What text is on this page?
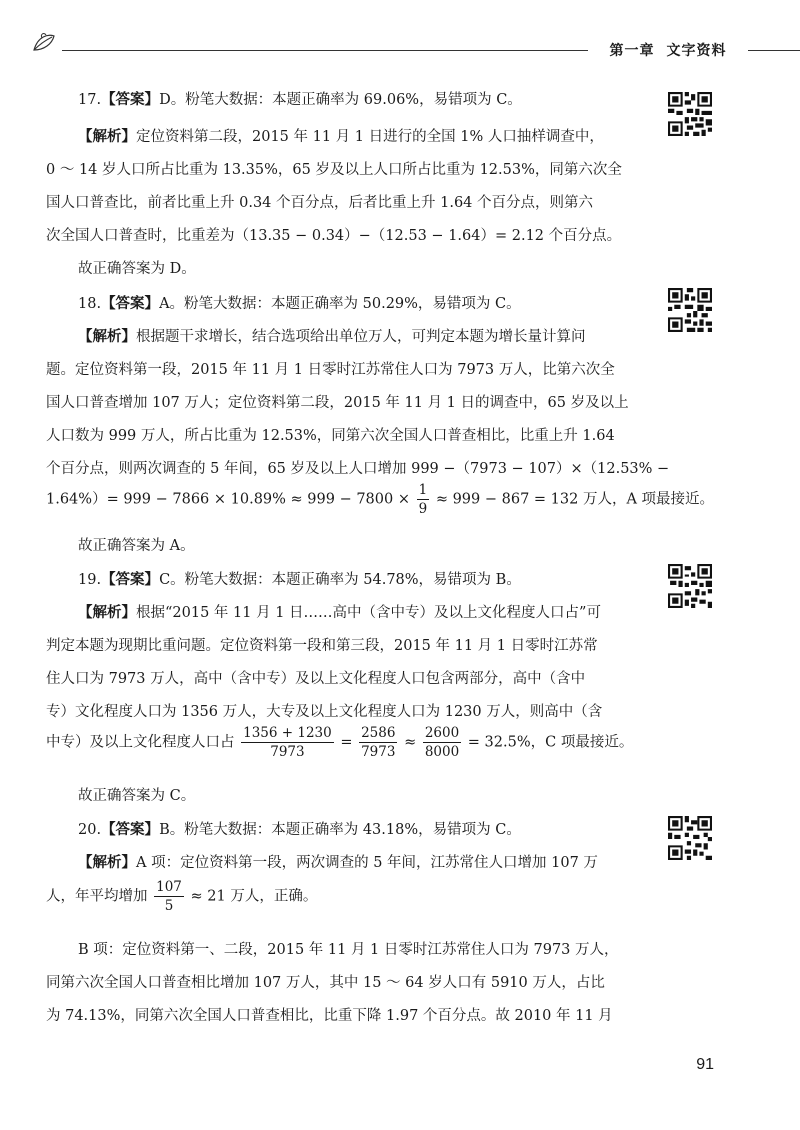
第一章 文字资料
17.【答案】D。粉笔大数据：本题正确率为 69.06%，易错项为 C。
【解析】定位资料第二段，2015 年 11 月 1 日进行的全国 1% 人口抽样调查中，
0 ～ 14 岁人口所占比重为 13.35%，65 岁及以上人口所占比重为 12.53%，同第六次全
国人口普查比，前者比重上升 0.34 个百分点，后者比重上升 1.64 个百分点，则第六
次全国人口普查时，比重差为（13.35 − 0.34）−（12.53 − 1.64）= 2.12 个百分点。
故正确答案为 D。
18.【答案】A。粉笔大数据：本题正确率为 50.29%，易错项为 C。
【解析】根据题干求增长，结合选项给出单位万人，可判定本题为增长量计算问
题。定位资料第一段，2015 年 11 月 1 日零时江苏常住人口为 7973 万人，比第六次全
国人口普查增加 107 万人；定位资料第二段，2015 年 11 月 1 日的调查中，65 岁及以上
人口数为 999 万人，所占比重为 12.53%，同第六次全国人口普查相比，比重上升 1.64
个百分点，则两次调查的 5 年间，65 岁及以上人口增加 999 −（7973 − 107）×（12.53% −
$1.64\%)= 999 - 7866 \times 10.89\% \approx 999 - 7800 \times \frac{1}{9} \approx 999 - 867 = 132$ 万人，A 项最接近。
故正确答案为 A。
19.【答案】C。粉笔大数据：本题正确率为 54.78%，易错项为 B。
【解析】根据“2015 年 11 月 1 日……高中（含中专）及以上文化程度人口占”可
判定本题为现期比重问题。定位资料第一段和第三段，2015 年 11 月 1 日零时江苏常
住人口为 7973 万人，高中（含中专）及以上文化程度人口包含两部分，高中（含中
专）文化程度人口为 1356 万人，大专及以上文化程度人口为 1230 万人，则高中（含
中专）及以上文化程度人口占 $\frac{1356 + 1230}{7973} = \frac{2586}{7973} \approx \frac{2600}{8000} = 32.5\%$，C 项最接近。
故正确答案为 C。
20.【答案】B。粉笔大数据：本题正确率为 43.18%，易错项为 C。
【解析】A 项：定位资料第一段，两次调查的 5 年间，江苏常住人口增加 107 万
人，年平均增加 $\frac{107}{5} \approx 21$ 万人，正确。
B 项：定位资料第一、二段，2015 年 11 月 1 日零时江苏常住人口为 7973 万人，
同第六次全国人口普查相比增加 107 万人，其中 15 ～ 64 岁人口有 5910 万人，占比
为 74.13%，同第六次全国人口普查相比，比重下降 1.97 个百分点。故 2010 年 11 月
91
